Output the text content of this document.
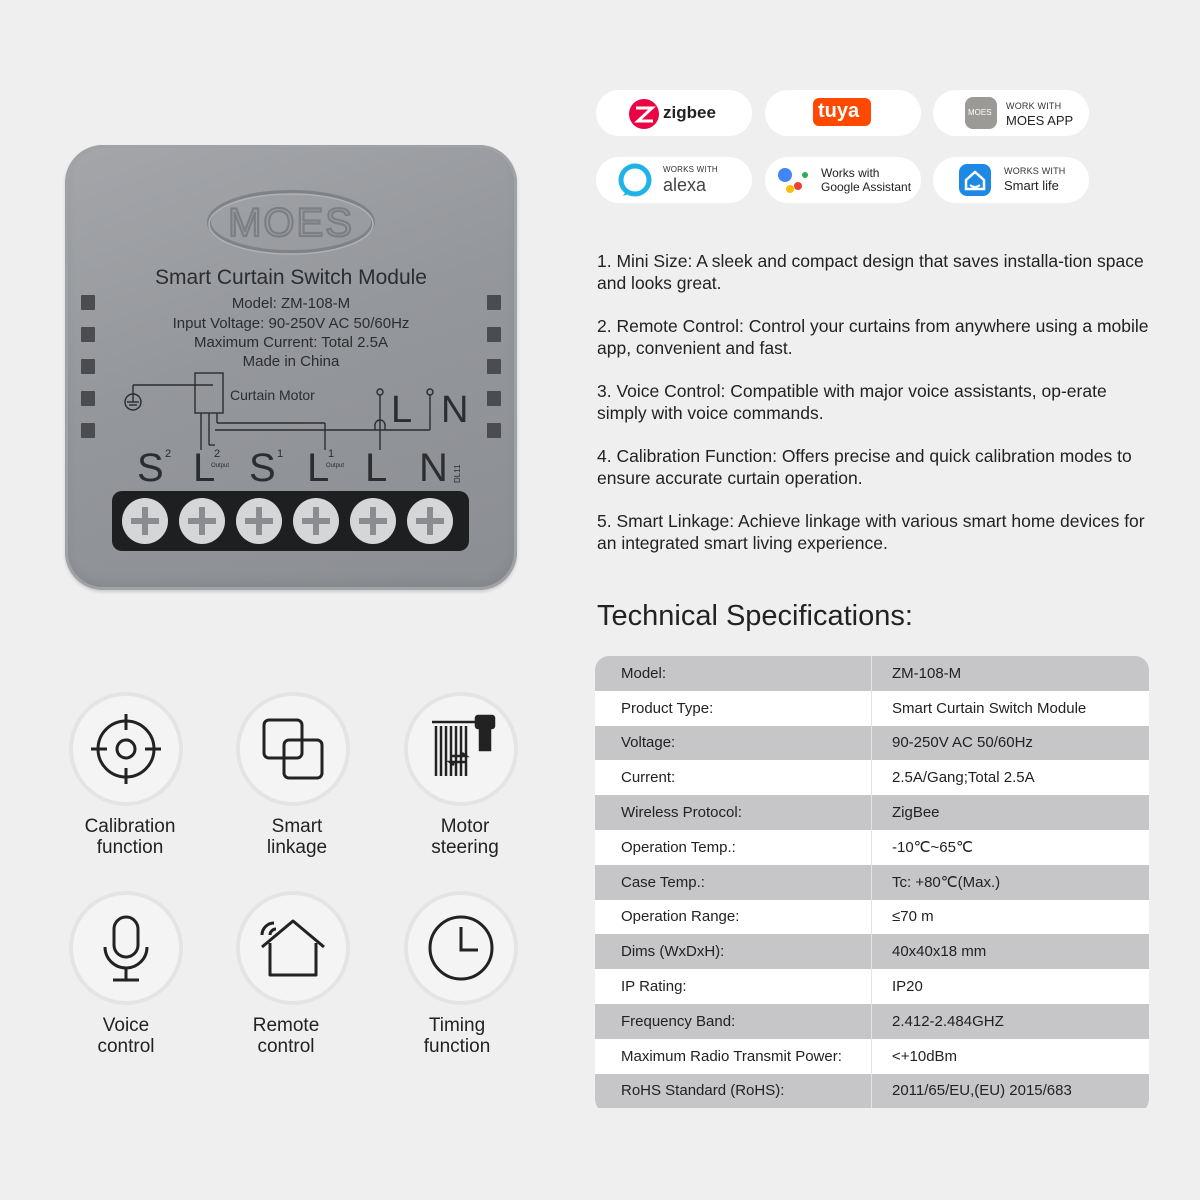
MOES
Smart Curtain Switch Module
Model: ZM-108-M
Input Voltage: 90-250V AC 50/60Hz
Maximum Current: Total 2.5A
Made in China
Curtain Motor L N
S 2 L
2
Output S 1 L
1
Output L N DL11
zigbee	tuya	MOES
WORK WITH
MOES APP
WORKS WITH
alexa
Works with
Google Assistant
WORKS WITH
Smart life
1. Mini Size: A sleek and compact design that saves installa-tion space and looks great.
2. Remote Control: Control your curtains from anywhere using a mobile app, convenient and fast.
3. Voice Control: Compatible with major voice assistants, op-erate simply with voice commands.
4. Calibration Function: Offers precise and quick calibration modes to ensure accurate curtain operation.
5. Smart Linkage: Achieve linkage with various smart home devices for an integrated smart living experience.
Technical Specifications:
Model:	ZM-108-M
Product Type:	Smart Curtain Switch Module
Voltage:	90-250V AC 50/60Hz
Current:	2.5A/Gang;Total 2.5A
Wireless Protocol:	ZigBee
Operation Temp.:	-10℃~65℃
Case Temp.:	Tc: +80℃(Max.)
Operation Range:	≤70 m
Dims (WxDxH):	40x40x18 mm
IP Rating:	IP20
Frequency Band:	2.412-2.484GHZ
Maximum Radio Transmit Power:	<+10dBm
RoHS Standard (RoHS):	2011/65/EU,(EU) 2015/683
Calibration
function
Smart
linkage
Motor
steering
Voice
control
Remote
control
Timing
function
